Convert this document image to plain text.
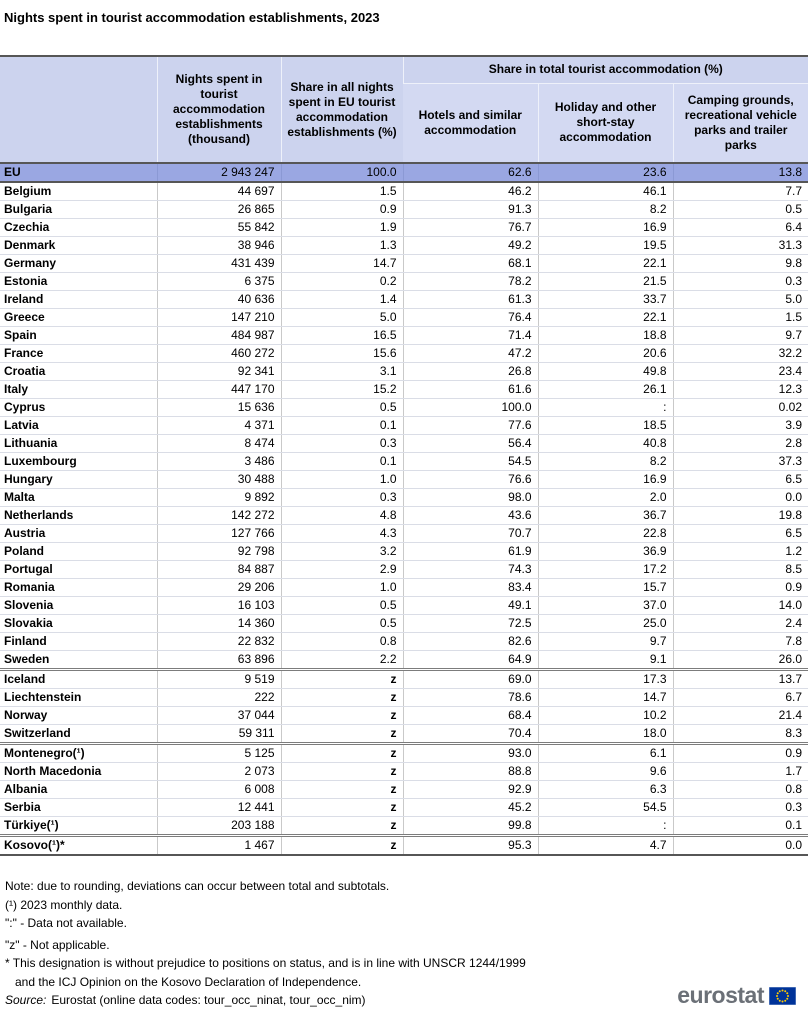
Nights spent in tourist accommodation establishments, 2023
	Nights spent in tourist accommodation establishments (thousand)	Share in all nights spent in EU tourist accommodation establishments (%)	Share in total tourist accommodation (%)		
			Hotels and similar accommodation	Holiday and other short-stay accommodation	Camping grounds, recreational vehicle parks and trailer parks
EU	2 943 247	100.0	62.6	23.6	13.8
Belgium	44 697	1.5	46.2	46.1	7.7
Bulgaria	26 865	0.9	91.3	8.2	0.5
Czechia	55 842	1.9	76.7	16.9	6.4
Denmark	38 946	1.3	49.2	19.5	31.3
Germany	431 439	14.7	68.1	22.1	9.8
Estonia	6 375	0.2	78.2	21.5	0.3
Ireland	40 636	1.4	61.3	33.7	5.0
Greece	147 210	5.0	76.4	22.1	1.5
Spain	484 987	16.5	71.4	18.8	9.7
France	460 272	15.6	47.2	20.6	32.2
Croatia	92 341	3.1	26.8	49.8	23.4
Italy	447 170	15.2	61.6	26.1	12.3
Cyprus	15 636	0.5	100.0	:	0.02
Latvia	4 371	0.1	77.6	18.5	3.9
Lithuania	8 474	0.3	56.4	40.8	2.8
Luxembourg	3 486	0.1	54.5	8.2	37.3
Hungary	30 488	1.0	76.6	16.9	6.5
Malta	9 892	0.3	98.0	2.0	0.0
Netherlands	142 272	4.8	43.6	36.7	19.8
Austria	127 766	4.3	70.7	22.8	6.5
Poland	92 798	3.2	61.9	36.9	1.2
Portugal	84 887	2.9	74.3	17.2	8.5
Romania	29 206	1.0	83.4	15.7	0.9
Slovenia	16 103	0.5	49.1	37.0	14.0
Slovakia	14 360	0.5	72.5	25.0	2.4
Finland	22 832	0.8	82.6	9.7	7.8
Sweden	63 896	2.2	64.9	9.1	26.0
Iceland	9 519	z	69.0	17.3	13.7
Liechtenstein	222	z	78.6	14.7	6.7
Norway	37 044	z	68.4	10.2	21.4
Switzerland	59 311	z	70.4	18.0	8.3
Montenegro(¹)	5 125	z	93.0	6.1	0.9
North Macedonia	2 073	z	88.8	9.6	1.7
Albania	6 008	z	92.9	6.3	0.8
Serbia	12 441	z	45.2	54.5	0.3
Türkiye(¹)	203 188	z	99.8	:	0.1
Kosovo(¹)*	1 467	z	95.3	4.7	0.0

Note: due to rounding, deviations can occur between total and subtotals.

(¹) 2023 monthly data.

":" - Data not available.

"z" - Not applicable.

* This designation is without prejudice to positions on status, and is in line with UNSCR 1244/1999

and the ICJ Opinion on the Kosovo Declaration of Independence.

Source: Eurostat (online data codes: tour_occ_ninat, tour_occ_nim)	eurostat
